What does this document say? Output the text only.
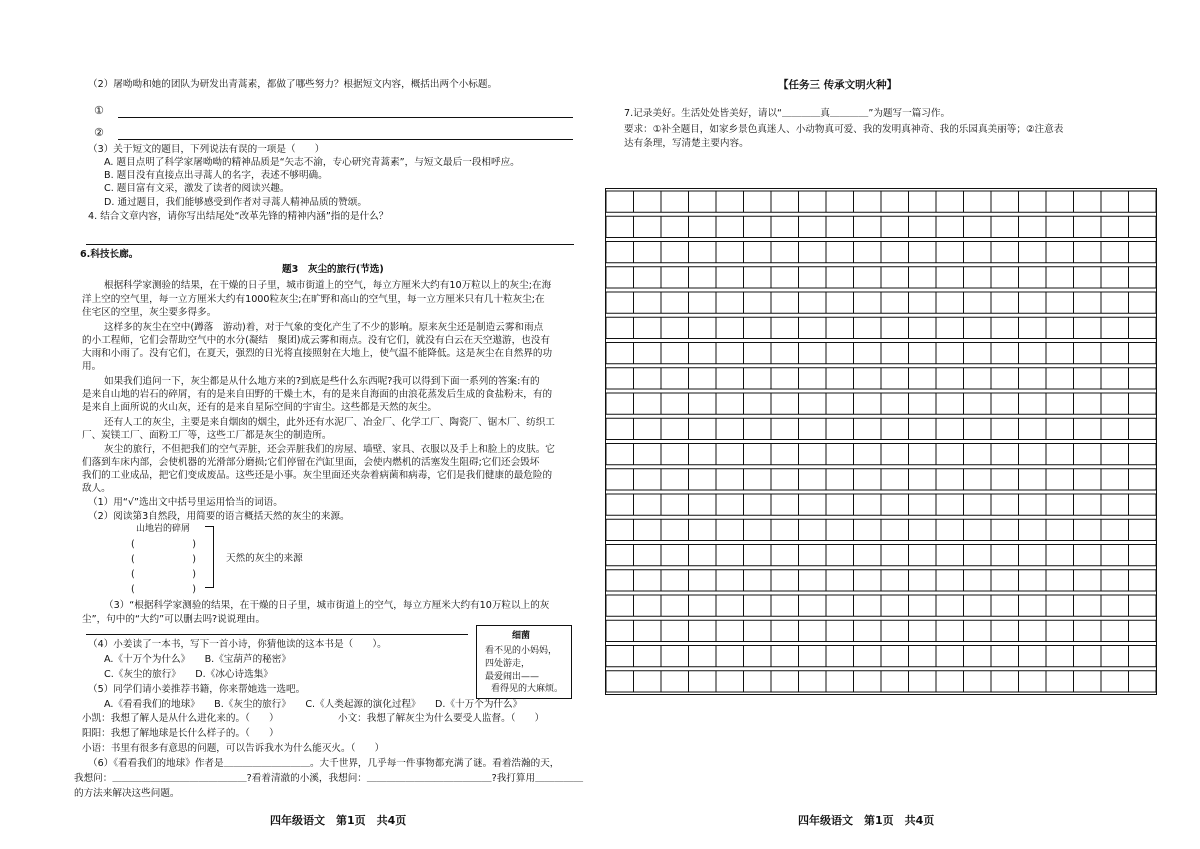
（2）屠呦呦和她的团队为研发出青蒿素，都做了哪些努力？根据短文内容，概括出两个小标题。
①
②
（3）关于短文的题目，下列说法有误的一项是（　　）
A. 题目点明了科学家屠呦呦的精神品质是“矢志不渝，专心研究青蒿素”，与短文最后一段相呼应。
B. 题目没有直接点出寻蒿人的名字，表述不够明确。
C. 题目富有文采，激发了读者的阅读兴趣。
D. 通过题目，我们能够感受到作者对寻蒿人精神品质的赞颂。
4. 结合文章内容，请你写出结尾处“改革先锋的精神内涵”指的是什么？
6.科技长廊。
题3　灰尘的旅行(节选)
根据科学家测验的结果，在干燥的日子里，城市街道上的空气，每立方厘米大约有10万粒以上的灰尘;在海
洋上空的空气里，每一立方厘米大约有1000粒灰尘;在旷野和高山的空气里，每一立方厘米只有几十粒灰尘;在
住宅区的空里，灰尘要多得多。
这样多的灰尘在空中(蹲落　游动)着，对于气象的变化产生了不少的影响。原来灰尘还是制造云雾和雨点
的小工程师，它们会帮助空气中的水分(凝结　聚团)成云雾和雨点。没有它们，就没有白云在天空遨游，也没有
大雨和小雨了。没有它们，在夏天，强烈的日光将直接照射在大地上，使气温不能降低。这是灰尘在自然界的功
用。
如果我们追问一下，灰尘都是从什么地方来的?到底是些什么东西呢?我可以得到下面一系列的答案:有的
是来自山地的岩石的碎屑，有的是来自田野的干燥土木，有的是来自海面的由浪花蒸发后生成的食盐粉末，有的
是来自上面所说的火山灰，还有的是来自星际空间的宇宙尘。这些都是天然的灰尘。
还有人工的灰尘，主要是来自烟囱的烟尘，此外还有水泥厂、冶金厂、化学工厂、陶瓷厂、锯木厂、纺织工
厂、炭镁工厂、面粉工厂等，这些工厂都是灰尘的制造所。
灰尘的旅行，不但把我们的空气弄脏，还会弄脏我们的房屋、墙壁、家具、衣服以及手上和脸上的皮肤。它
们落到车床内部，会使机器的光滑部分磨损;它们停留在汽缸里面，会使内燃机的活塞发生阻碍;它们还会毁坏
我们的工业成品，把它们变成废品。这些还是小事。灰尘里面还夹杂着病菌和病毒，它们是我们健康的最危险的
敌人。
（1）用“√”选出文中括号里运用恰当的词语。
（2）阅读第3自然段，用简要的语言概括天然的灰尘的来源。
山地岩的碎屑
(　　　　　　)
(　　　　　　)
(　　　　　　)
(　　　　　　)
天然的灰尘的来源
（3）“根据科学家测验的结果，在干燥的日子里，城市街道上的空气，每立方厘米大约有10万粒以上的灰
尘”，句中的“大约”可以删去吗?说说理由。
（4）小姜读了一本书，写下一首小诗，你猜他读的这本书是（　　）。
A.《十万个为什么》　　B.《宝葫芦的秘密》
C.《灰尘的旅行》　　D.《冰心诗选集》
（5）同学们请小姜推荐书籍，你来帮她选一选吧。
A.《看看我们的地球》　　B.《灰尘的旅行》　　C.《人类起源的演化过程》　　D.《十万个为什么》
小凯：我想了解人是从什么进化来的。（　　）	小文：我想了解灰尘为什么要受人监督。（　　）
阳阳：我想了解地球是长什么样子的。（　　）
小语：书里有很多有意思的问题，可以告诉我水为什么能灭火。（　　）
（6）《看看我们的地球》作者是＿＿＿＿＿＿＿＿＿。大千世界，几乎每一件事物都充满了谜。看着浩瀚的天，
我想问：＿＿＿＿＿＿＿＿＿＿＿＿＿＿?看着清澈的小溪，我想问：＿＿＿＿＿＿＿＿＿＿＿＿＿?我打算用＿＿＿＿＿
的方法来解决这些问题。
细菌
看不见的小妈妈，
四处游走，
最爱闹出——
看得见的大麻烦。
四年级语文　第1页　共4页
【任务三 传承文明火种】
7.记录美好。生活处处皆美好，请以“＿＿＿＿真＿＿＿＿”为题写一篇习作。
要求：①补全题目，如家乡景色真迷人、小动物真可爱、我的发明真神奇、我的乐园真美丽等；②注意表
达有条理，写清楚主要内容。
四年级语文　第1页　共4页
